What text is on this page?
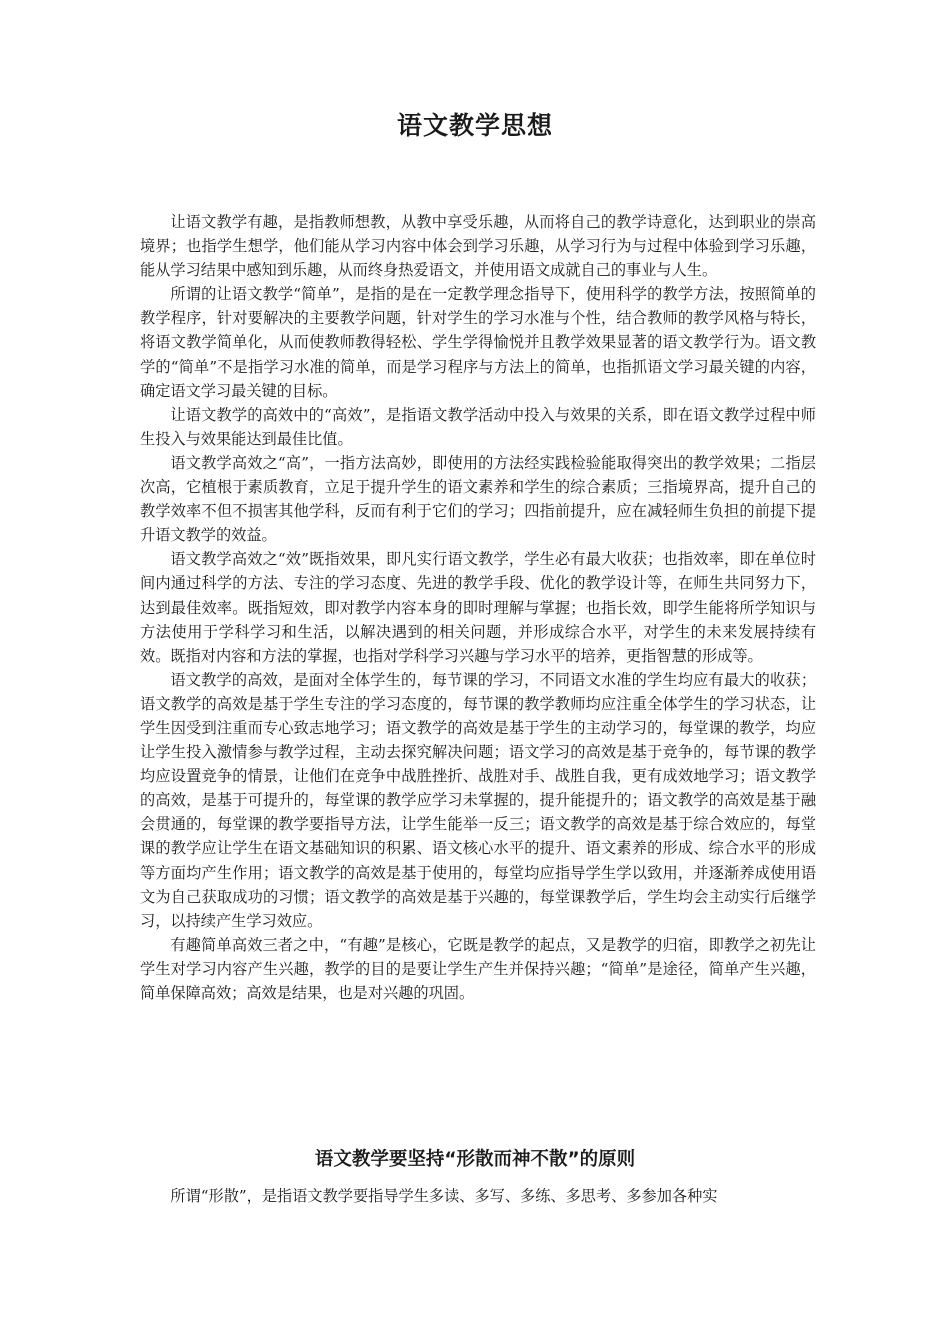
语文教学思想

让语文教学有趣，是指教师想教，从教中享受乐趣，从而将自己的教学诗意化，达到职业的崇高境界；也指学生想学，他们能从学习内容中体会到学习乐趣，从学习行为与过程中体验到学习乐趣，能从学习结果中感知到乐趣，从而终身热爱语文，并使用语文成就自己的事业与人生。

所谓的让语文教学“简单”，是指的是在一定教学理念指导下，使用科学的教学方法，按照简单的教学程序，针对要解决的主要教学问题，针对学生的学习水准与个性，结合教师的教学风格与特长，将语文教学简单化，从而使教师教得轻松、学生学得愉悦并且教学效果显著的语文教学行为。语文教学的“简单”不是指学习水准的简单，而是学习程序与方法上的简单，也指抓语文学习最关键的内容，确定语文学习最关键的目标。

让语文教学的高效中的“高效”，是指语文教学活动中投入与效果的关系，即在语文教学过程中师生投入与效果能达到最佳比值。

语文教学高效之“高”，一指方法高妙，即使用的方法经实践检验能取得突出的教学效果；二指层次高，它植根于素质教育，立足于提升学生的语文素养和学生的综合素质；三指境界高，提升自己的教学效率不但不损害其他学科，反而有利于它们的学习；四指前提升，应在减轻师生负担的前提下提升语文教学的效益。

语文教学高效之“效”既指效果，即凡实行语文教学，学生必有最大收获；也指效率，即在单位时间内通过科学的方法、专注的学习态度、先进的教学手段、优化的教学设计等，在师生共同努力下，达到最佳效率。既指短效，即对教学内容本身的即时理解与掌握；也指长效，即学生能将所学知识与方法使用于学科学习和生活，以解决遇到的相关问题，并形成综合水平，对学生的未来发展持续有效。既指对内容和方法的掌握，也指对学科学习兴趣与学习水平的培养，更指智慧的形成等。

语文教学的高效，是面对全体学生的，每节课的学习，不同语文水准的学生均应有最大的收获；语文教学的高效是基于学生专注的学习态度的，每节课的教学教师均应注重全体学生的学习状态，让学生因受到注重而专心致志地学习；语文教学的高效是基于学生的主动学习的，每堂课的教学，均应让学生投入激情参与教学过程，主动去探究解决问题；语文学习的高效是基于竞争的，每节课的教学均应设置竞争的情景，让他们在竞争中战胜挫折、战胜对手、战胜自我，更有成效地学习；语文教学的高效，是基于可提升的，每堂课的教学应学习未掌握的，提升能提升的；语文教学的高效是基于融会贯通的，每堂课的教学要指导方法，让学生能举一反三；语文教学的高效是基于综合效应的，每堂课的教学应让学生在语文基础知识的积累、语文核心水平的提升、语文素养的形成、综合水平的形成等方面均产生作用；语文教学的高效是基于使用的，每堂均应指导学生学以致用，并逐渐养成使用语文为自己获取成功的习惯；语文教学的高效是基于兴趣的，每堂课教学后，学生均会主动实行后继学习，以持续产生学习效应。

有趣简单高效三者之中，“有趣”是核心，它既是教学的起点，又是教学的归宿，即教学之初先让学生对学习内容产生兴趣，教学的目的是要让学生产生并保持兴趣；“简单”是途径，简单产生兴趣，简单保障高效；高效是结果，也是对兴趣的巩固。

语文教学要坚持“形散而神不散”的原则

所谓“形散”，是指语文教学要指导学生多读、多写、多练、多思考、多参加各种实
